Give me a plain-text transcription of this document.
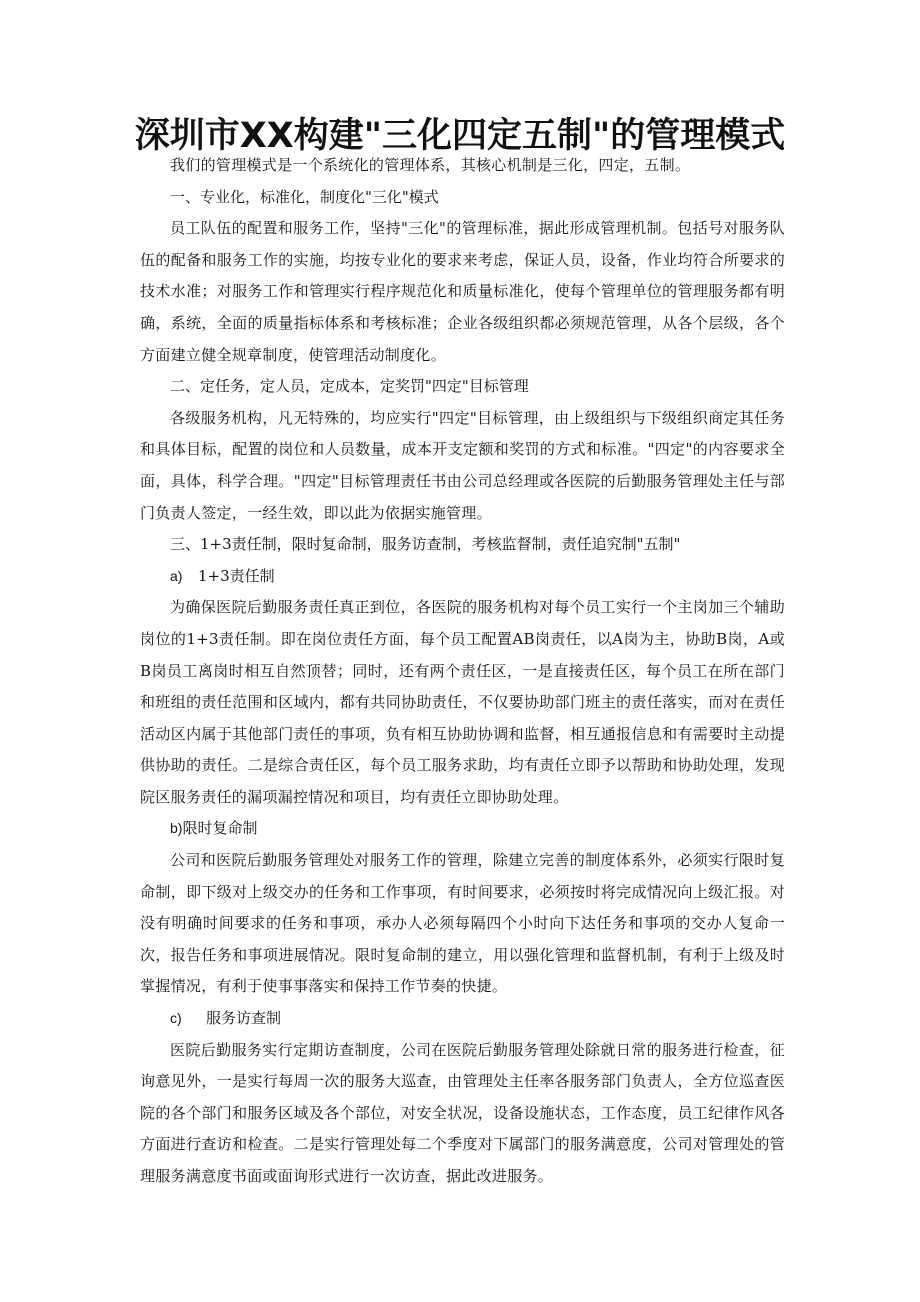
深圳市XX构建"三化四定五制"的管理模式

我们的管理模式是一个系统化的管理体系，其核心机制是三化，四定，五制。

一、专业化，标准化，制度化"三化"模式

员工队伍的配置和服务工作，坚持"三化"的管理标准，据此形成管理机制。包括号对服务队伍的配备和服务工作的实施，均按专业化的要求来考虑，保证人员，设备，作业均符合所要求的技术水准；对服务工作和管理实行程序规范化和质量标准化，使每个管理单位的管理服务都有明确，系统，全面的质量指标体系和考核标准；企业各级组织都必须规范管理，从各个层级，各个方面建立健全规章制度，使管理活动制度化。

二、定任务，定人员，定成本，定奖罚"四定"目标管理

各级服务机构，凡无特殊的，均应实行"四定"目标管理，由上级组织与下级组织商定其任务和具体目标，配置的岗位和人员数量，成本开支定额和奖罚的方式和标准。"四定"的内容要求全面，具体，科学合理。"四定"目标管理责任书由公司总经理或各医院的后勤服务管理处主任与部门负责人签定，一经生效，即以此为依据实施管理。

三、1+3责任制，限时复命制，服务访查制，考核监督制，责任追究制"五制"

a) 1+3责任制

为确保医院后勤服务责任真正到位，各医院的服务机构对每个员工实行一个主岗加三个辅助岗位的1+3责任制。即在岗位责任方面，每个员工配置AB岗责任，以A岗为主，协助B岗，A或B岗员工离岗时相互自然顶替；同时，还有两个责任区，一是直接责任区，每个员工在所在部门和班组的责任范围和区域内，都有共同协助责任，不仅要协助部门班主的责任落实，而对在责任活动区内属于其他部门责任的事项，负有相互协助协调和监督，相互通报信息和有需要时主动提供协助的责任。二是综合责任区，每个员工服务求助，均有责任立即予以帮助和协助处理，发现院区服务责任的漏项漏控情况和项目，均有责任立即协助处理。

b)限时复命制

公司和医院后勤服务管理处对服务工作的管理，除建立完善的制度体系外，必须实行限时复命制，即下级对上级交办的任务和工作事项，有时间要求，必须按时将完成情况向上级汇报。对没有明确时间要求的任务和事项，承办人必须每隔四个小时向下达任务和事项的交办人复命一次，报告任务和事项进展情况。限时复命制的建立，用以强化管理和监督机制，有利于上级及时掌握情况，有利于使事事落实和保持工作节奏的快捷。

c) 服务访查制

医院后勤服务实行定期访查制度，公司在医院后勤服务管理处除就日常的服务进行检查，征询意见外，一是实行每周一次的服务大巡查，由管理处主任率各服务部门负责人，全方位巡查医院的各个部门和服务区域及各个部位，对安全状况，设备设施状态，工作态度，员工纪律作风各方面进行查访和检查。二是实行管理处每二个季度对下属部门的服务满意度，公司对管理处的管理服务满意度书面或面询形式进行一次访查，据此改进服务。
